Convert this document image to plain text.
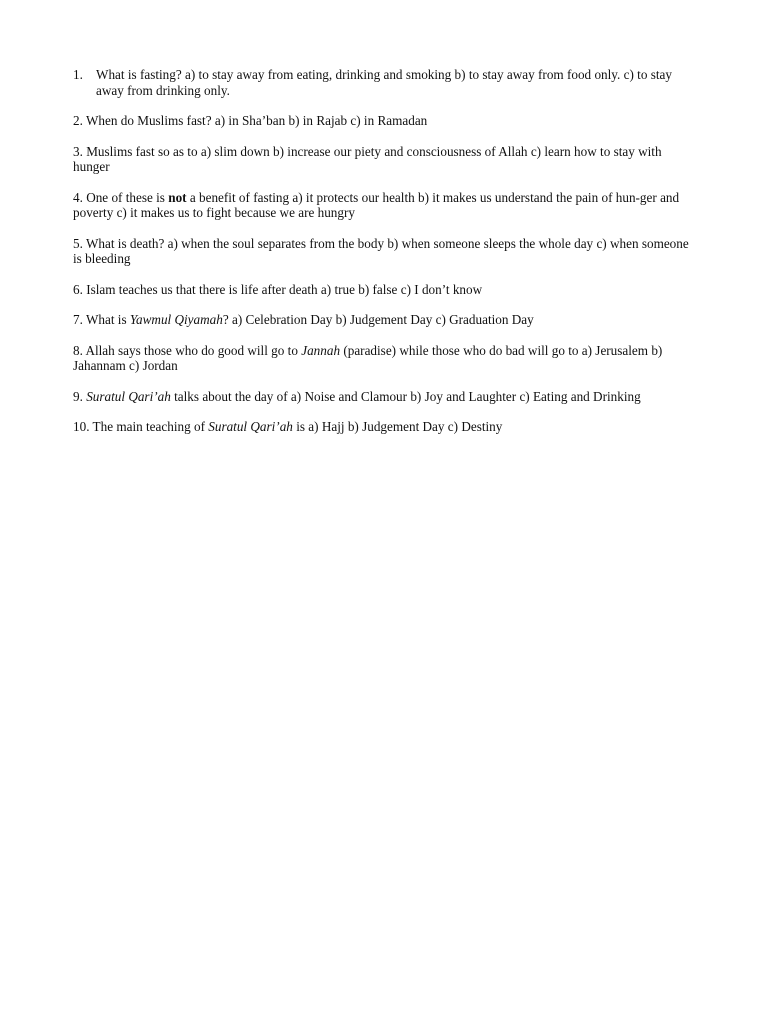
1. What is fasting? a) to stay away from eating, drinking and smoking b) to stay away from food only. c) to stay away from drinking only.
2. When do Muslims fast? a) in Sha’ban b) in Rajab c) in Ramadan
3. Muslims fast so as to a) slim down b) increase our piety and consciousness of Allah c) learn how to stay with hunger
4. One of these is not a benefit of fasting a) it protects our health b) it makes us understand the pain of hun-ger and poverty c) it makes us to fight because we are hungry
5. What is death? a) when the soul separates from the body b) when someone sleeps the whole day c) when someone is bleeding
6. Islam teaches us that there is life after death a) true b) false c) I don’t know
7. What is Yawmul Qiyamah? a) Celebration Day b) Judgement Day c) Graduation Day
8. Allah says those who do good will go to Jannah (paradise) while those who do bad will go to a) Jerusalem b) Jahannam c) Jordan
9. Suratul Qari’ah talks about the day of a) Noise and Clamour b) Joy and Laughter c) Eating and Drinking
10. The main teaching of Suratul Qari’ah is a) Hajj b) Judgement Day c) Destiny
